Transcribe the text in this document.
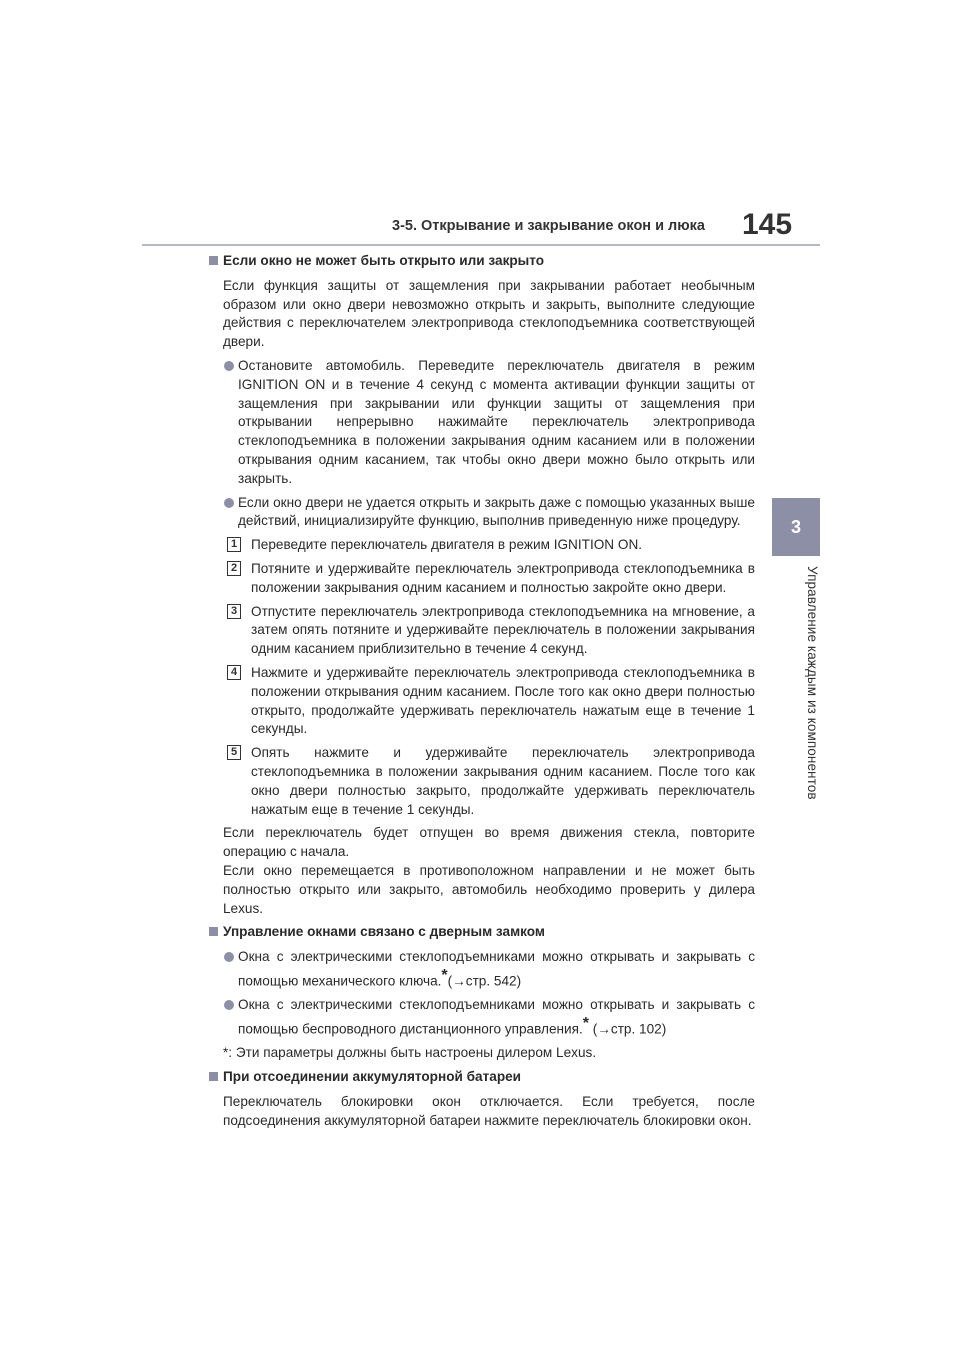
3-5. Открывание и закрывание окон и люка 145
3
Управление каждым из компонентов
Если окно не может быть открыто или закрыто
Если функция защиты от защемления при закрывании работает необычным образом или окно двери невозможно открыть и закрыть, выполните следующие действия с переключателем электропривода стеклоподъемника соответствующей двери.
Остановите автомобиль. Переведите переключатель двигателя в режим IGNITION ON и в течение 4 секунд с момента активации функции защиты от защемления при закрывании или функции защиты от защемления при открывании непрерывно нажимайте переключатель электропривода стеклоподъемника в положении закрывания одним касанием или в положении открывания одним касанием, так чтобы окно двери можно было открыть или закрыть.
Если окно двери не удается открыть и закрыть даже с помощью указанных выше действий, инициализируйте функцию, выполнив приведенную ниже процедуру.
1 Переведите переключатель двигателя в режим IGNITION ON.
2 Потяните и удерживайте переключатель электропривода стеклоподъемника в положении закрывания одним касанием и полностью закройте окно двери.
3 Отпустите переключатель электропривода стеклоподъемника на мгновение, а затем опять потяните и удерживайте переключатель в положении закрывания одним касанием приблизительно в течение 4 секунд.
4 Нажмите и удерживайте переключатель электропривода стеклоподъемника в положении открывания одним касанием. После того как окно двери полностью открыто, продолжайте удерживать переключатель нажатым еще в течение 1 секунды.
5 Опять нажмите и удерживайте переключатель электропривода стеклоподъемника в положении закрывания одним касанием. После того как окно двери полностью закрыто, продолжайте удерживать переключатель нажатым еще в течение 1 секунды.
Если переключатель будет отпущен во время движения стекла, повторите операцию с начала.
Если окно перемещается в противоположном направлении и не может быть полностью открыто или закрыто, автомобиль необходимо проверить у дилера Lexus.
Управление окнами связано с дверным замком
Окна с электрическими стеклоподъемниками можно открывать и закрывать с помощью механического ключа.*(→стр. 542)
Окна с электрическими стеклоподъемниками можно открывать и закрывать с помощью беспроводного дистанционного управления.* (→стр. 102)
*: Эти параметры должны быть настроены дилером Lexus.
При отсоединении аккумуляторной батареи
Переключатель блокировки окон отключается. Если требуется, после подсоединения аккумуляторной батареи нажмите переключатель блокировки окон.
